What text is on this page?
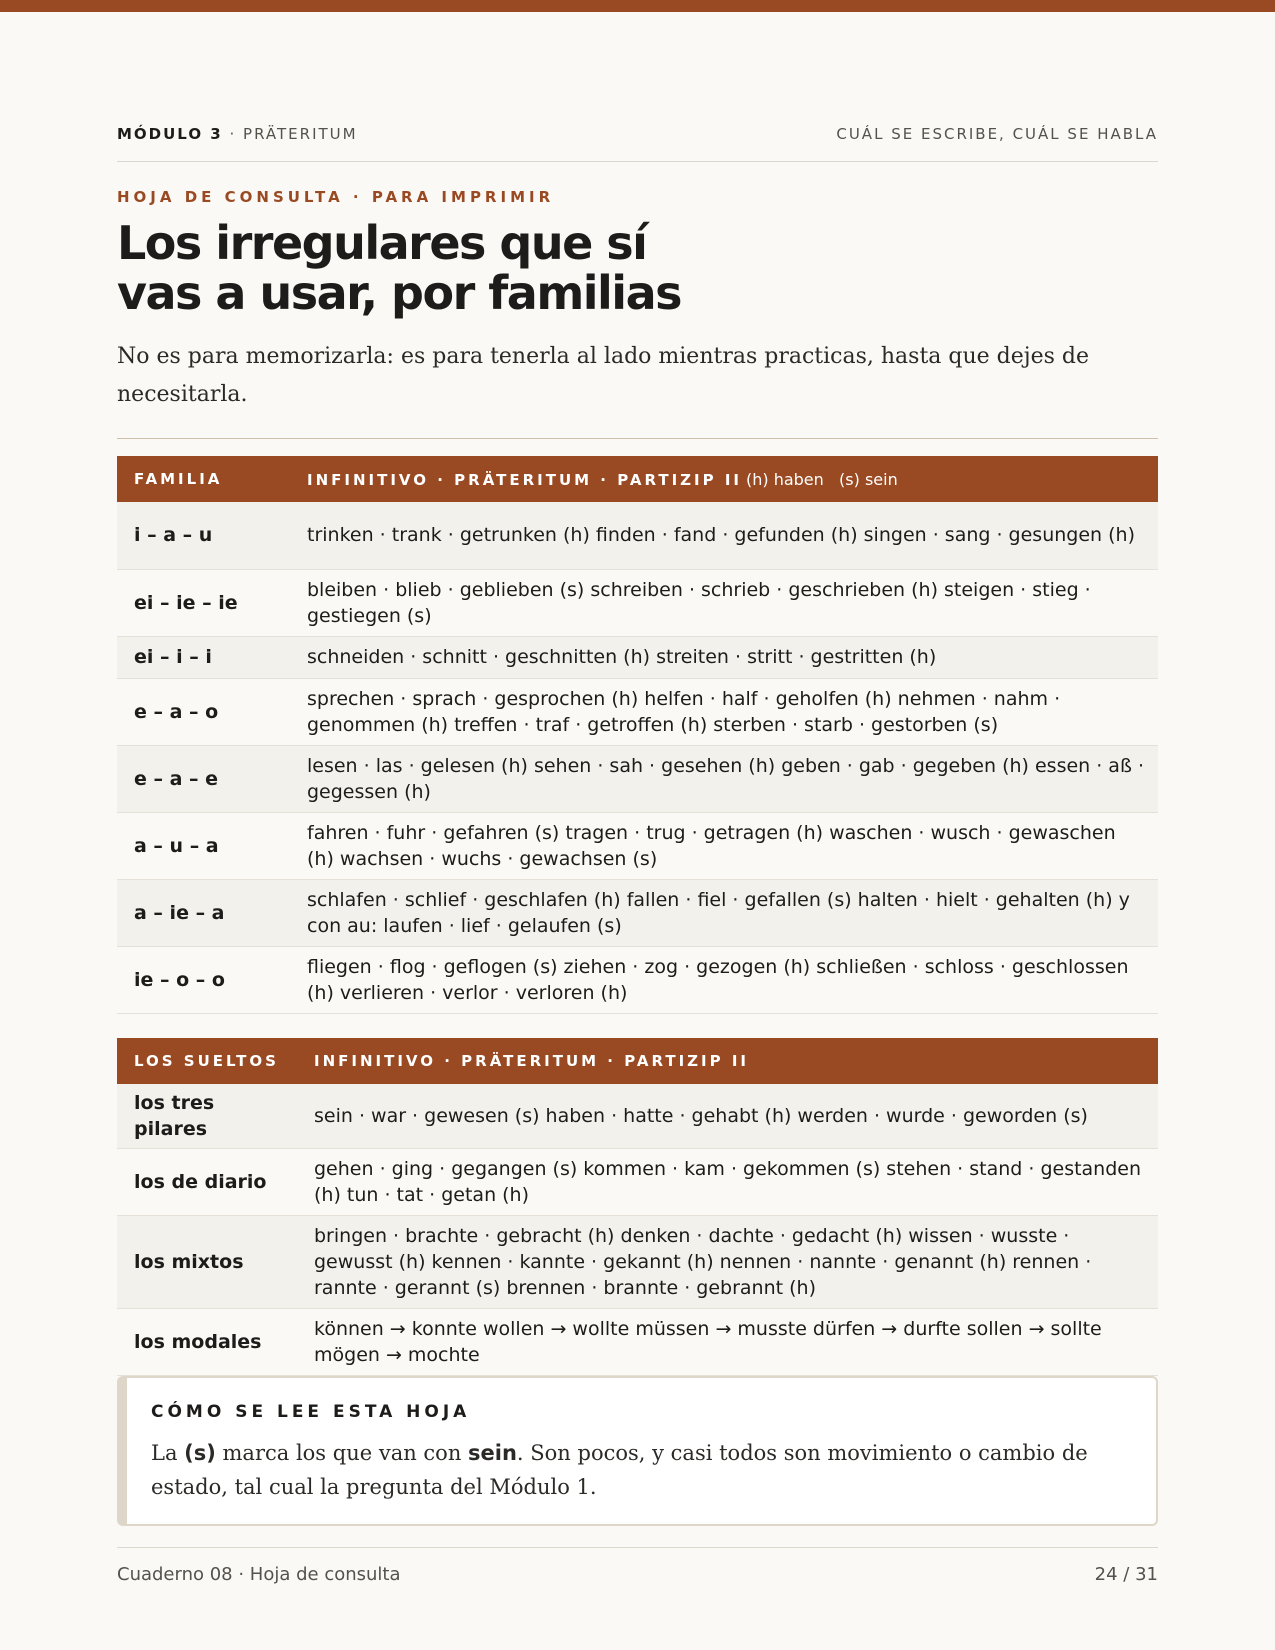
MÓDULO 3 · PRÄTERITUM	CUÁL SE ESCRIBE, CUÁL SE HABLA
HOJA DE CONSULTA · PARA IMPRIMIR
Los irregulares que sí
vas a usar, por familias

No es para memorizarla: es para tenerla al lado mientras practicas, hasta que dejes de necesitarla.

FAMILIA	INFINITIVO · PRÄTERITUM · PARTIZIP II (h) haben   (s) sein
i – a – u	trinken · trank · getrunken (h) finden · fand · gefunden (h) singen · sang · gesungen (h)
ei – ie – ie	bleiben · blieb · geblieben (s) schreiben · schrieb · geschrieben (h) steigen · stieg · gestiegen (s)
ei – i – i	schneiden · schnitt · geschnitten (h) streiten · stritt · gestritten (h)
e – a – o	sprechen · sprach · gesprochen (h) helfen · half · geholfen (h) nehmen · nahm · genommen (h) treffen · traf · getroffen (h) sterben · starb · gestorben (s)
e – a – e	lesen · las · gelesen (h) sehen · sah · gesehen (h) geben · gab · gegeben (h) essen · aß · gegessen (h)
a – u – a	fahren · fuhr · gefahren (s) tragen · trug · getragen (h) waschen · wusch · gewaschen (h) wachsen · wuchs · gewachsen (s)
a – ie – a	schlafen · schlief · geschlafen (h) fallen · fiel · gefallen (s) halten · hielt · gehalten (h) y con au: laufen · lief · gelaufen (s)
ie – o – o	fliegen · flog · geflogen (s) ziehen · zog · gezogen (h) schließen · schloss · geschlossen (h) verlieren · verlor · verloren (h)
LOS SUELTOS	INFINITIVO · PRÄTERITUM · PARTIZIP II
los tres pilares	sein · war · gewesen (s) haben · hatte · gehabt (h) werden · wurde · geworden (s)
los de diario	gehen · ging · gegangen (s) kommen · kam · gekommen (s) stehen · stand · gestanden (h) tun · tat · getan (h)
los mixtos	bringen · brachte · gebracht (h) denken · dachte · gedacht (h) wissen · wusste · gewusst (h) kennen · kannte · gekannt (h) nennen · nannte · genannt (h) rennen · rannte · gerannt (s) brennen · brannte · gebrannt (h)
los modales	können → konnte wollen → wollte müssen → musste dürfen → durfte sollen → sollte mögen → mochte
CÓMO SE LEE ESTA HOJA
La (s) marca los que van con sein. Son pocos, y casi todos son movimiento o cambio de estado, tal cual la pregunta del Módulo 1.
Cuaderno 08 · Hoja de consulta	24 / 31
